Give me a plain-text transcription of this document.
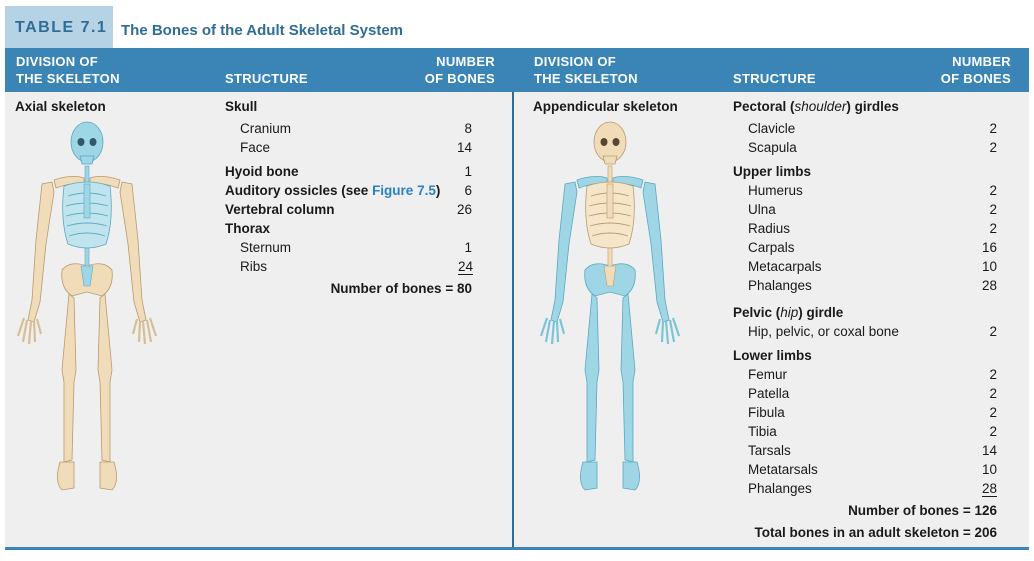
TABLE 7.1 The Bones of the Adult Skeletal System
DIVISION OF
THE SKELETON	STRUCTURE
NUMBER
OF BONES
DIVISION OF
THE SKELETON	STRUCTURE
NUMBER
OF BONES
Axial skeleton	Skull
Cranium	8
Face	14
Hyoid bone	1
Auditory ossicles (see Figure 7.5)	6
Vertebral column	26
Thorax
Sternum	1
Ribs	24
Number of bones = 80
Appendicular skeleton	Pectoral (shoulder) girdles
Clavicle	2
Scapula	2
Upper limbs
Humerus	2
Ulna	2
Radius	2
Carpals	16
Metacarpals	10
Phalanges	28
Pelvic (hip) girdle
Hip, pelvic, or coxal bone	2
Lower limbs
Femur	2
Patella	2
Fibula	2
Tibia	2
Tarsals	14
Metatarsals	10
Phalanges	28
Number of bones = 126
Total bones in an adult skeleton = 206
